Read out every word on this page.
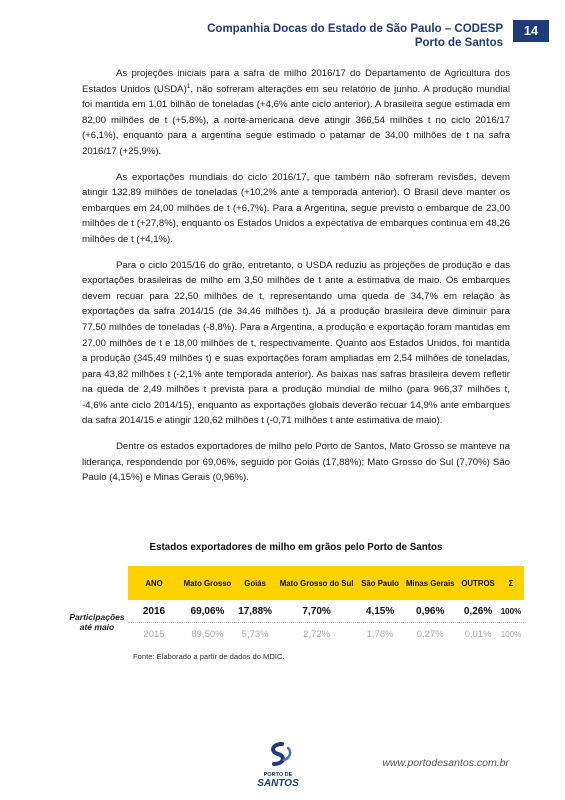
Companhia Docas do Estado de São Paulo – CODESP
Porto de Santos
14

As projeções iniciais para a safra de milho 2016/17 do Departamento de Agricultura dos Estados Unidos (USDA)$^1$, não sofreram alterações em seu relatório de junho. A produção mundial foi mantida em 1,01 bilhão de toneladas (+4,6% ante ciclo anterior). A brasileira segue estimada em 82,00 milhões de t (+5,8%), a norte-americana deve atingir 366,54 milhões t no ciclo 2016/17 (+6,1%), enquanto para a argentina segue estimado o patamar de 34,00 milhões de t na safra 2016/17 (+25,9%).

As exportações mundiais do ciclo 2016/17, que também não sofreram revisões, devem atingir 132,89 milhões de toneladas (+10,2% ante a temporada anterior). O Brasil deve manter os embarques em 24,00 milhões de t (+6,7%). Para a Argentina, segue previsto o embarque de 23,00 milhões de t (+27,8%), enquanto os Estados Unidos a expectativa de embarques continua em 48,26 milhões de t (+4,1%).

Para o ciclo 2015/16 do grão, entretanto, o USDA reduziu as projeções de produção e das exportações brasileiras de milho em 3,50 milhões de t ante a estimativa de maio. Os embarques devem recuar para 22,50 milhões de t, representando uma queda de 34,7% em relação às exportações da safra 2014/15 (de 34,46 milhões t). Já a produção brasileira deve diminuir para 77,50 milhões de toneladas (-8,8%). Para a Argentina, a produção e exportação foram mantidas em 27,00 milhões de t e 18,00 milhões de t, respectivamente. Quanto aos Estados Unidos, foi mantida a produção (345,49 milhões t) e suas exportações foram ampliadas em 2,54 milhões de toneladas, para 43,82 milhões t (-2,1% ante temporada anterior). As baixas nas safras brasileira devem refletir na queda de 2,49 milhões t prevista para a produção mundial de milho (para 966,37 milhões t, -4,6% ante ciclo 2014/15), enquanto as exportações globais deverão recuar 14,9% ante embarques da safra 2014/15 e atingir 120,62 milhões t (-0,71 milhões t ante estimativa de maio).

Dentre os estados exportadores de milho pelo Porto de Santos, Mato Grosso se manteve na liderança, respondendo por 69,06%, seguido por Goiás (17,88%); Mato Grosso do Sul (7,70%) São Paulo (4,15%) e Minas Gerais (0,96%).

Estados exportadores de milho em grãos pelo Porto de Santos
Participações até maio
ANO	Mato Grosso	Goiás	Mato Grosso do Sul	São Paulo	Minas Gerais	OUTROS	Σ
2016	69,06%	17,88%	7,70%	4,15%	0,96%	0,26%	100%
2015	89,50%	5,73%	2,72%	1,78%	0,27%	0,01%	100%
Fonte: Elaborado a partir de dados do MDIC.
PORTO DE
SANTOS
www.portodesantos.com.br
